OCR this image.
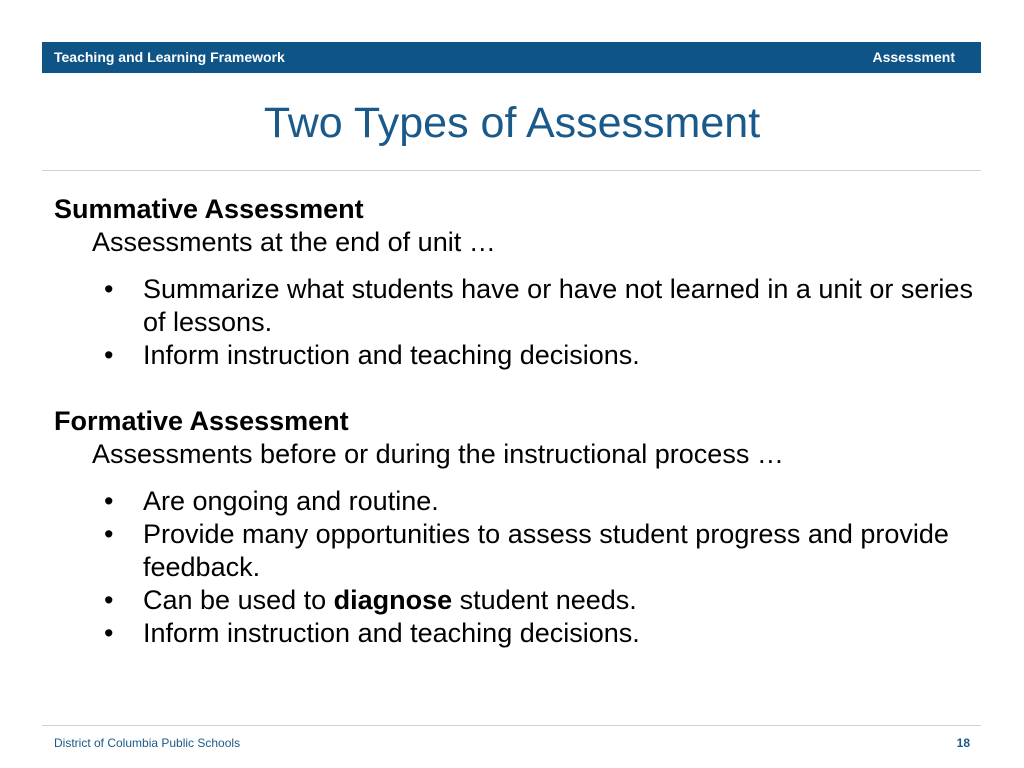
Teaching and Learning Framework	Assessment
Two Types of Assessment

Summative Assessment

Assessments at the end of unit …

• Summarize what students have or have not learned in a unit or series of lessons.
• Inform instruction and teaching decisions.

Formative Assessment

Assessments before or during the instructional process …

• Are ongoing and routine.
• Provide many opportunities to assess student progress and provide feedback.
• Can be used to diagnose student needs.
• Inform instruction and teaching decisions.
District of Columbia Public Schools	18
